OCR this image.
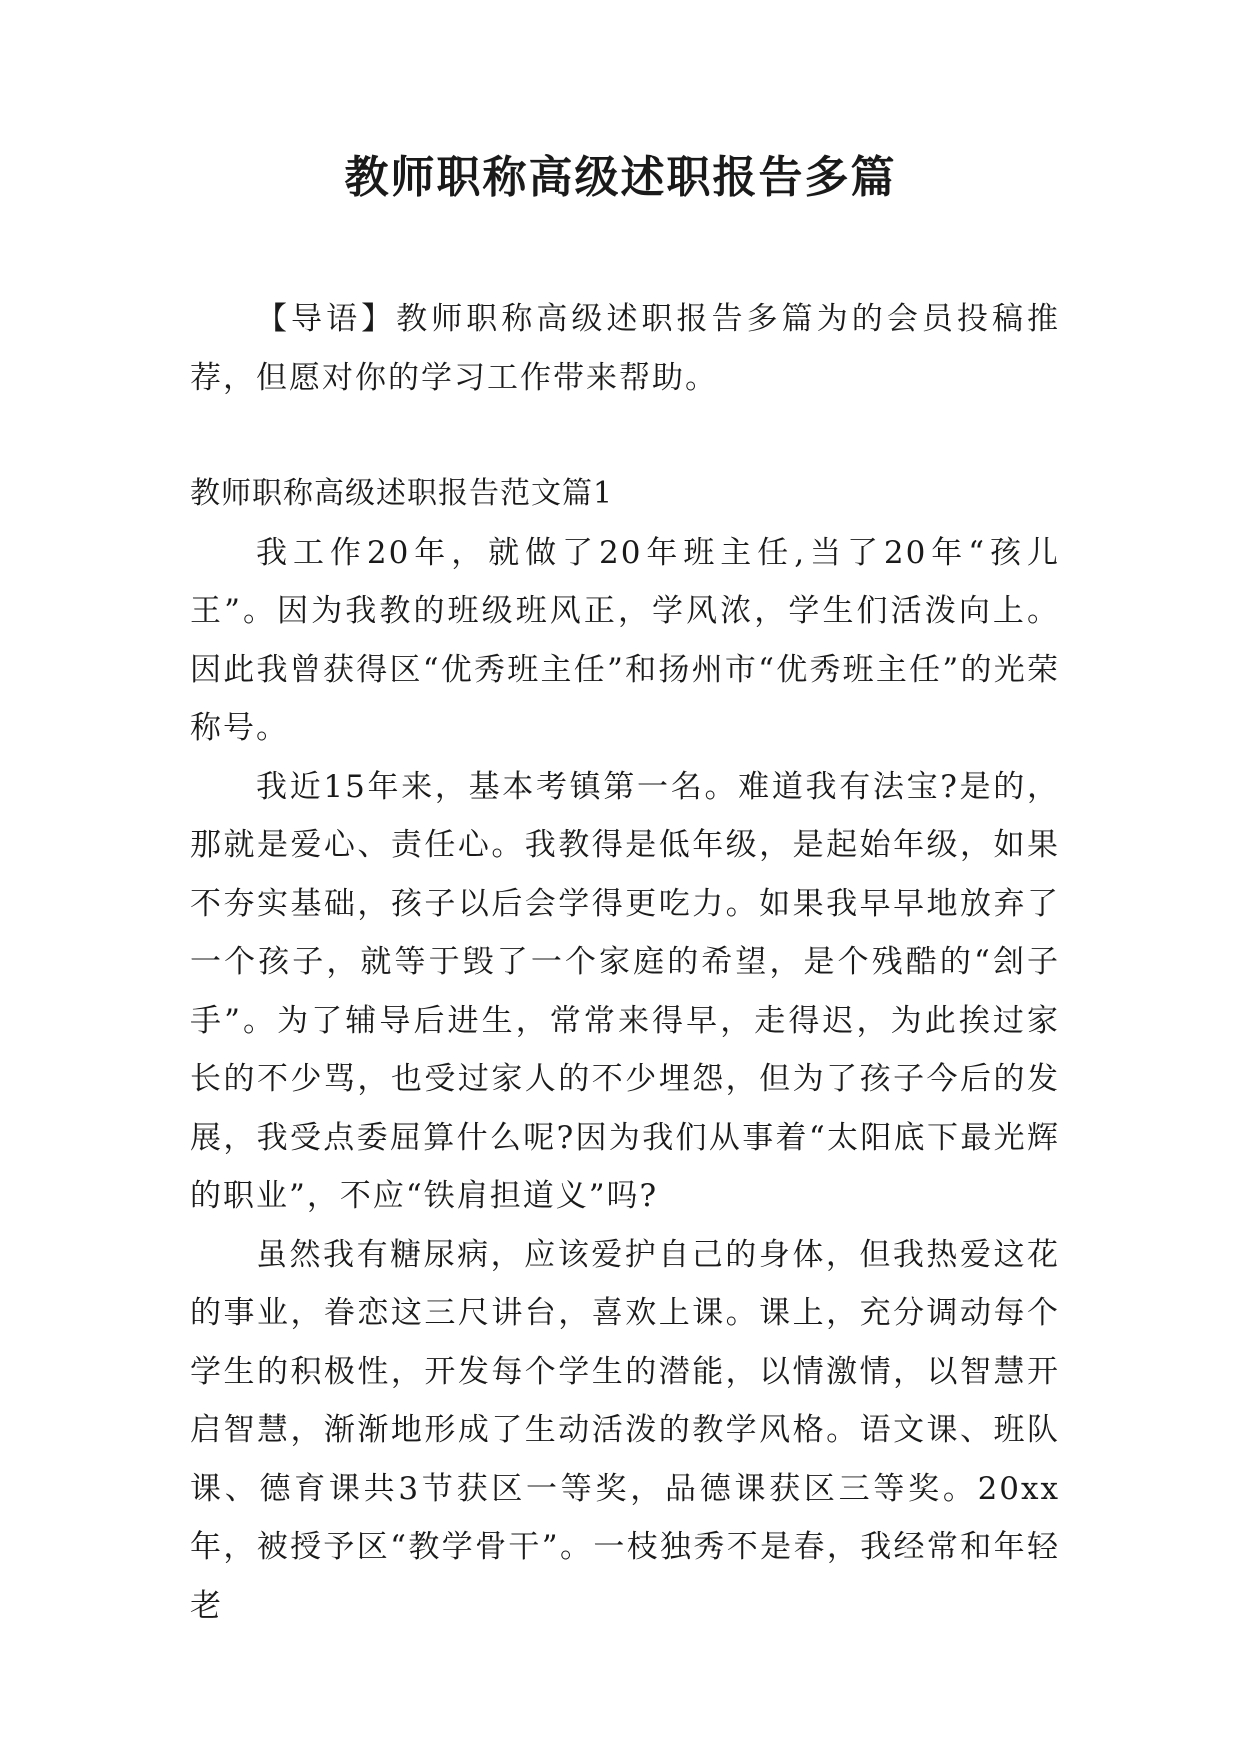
教师职称高级述职报告多篇

【导语】教师职称高级述职报告多篇为的会员投稿推荐，但愿对你的学习工作带来帮助。

教师职称高级述职报告范文篇1

我工作20年，就做了20年班主任,当了20年“孩儿王”。因为我教的班级班风正，学风浓，学生们活泼向上。因此我曾获得区“优秀班主任”和扬州市“优秀班主任”的光荣称号。

我近15年来，基本考镇第一名。难道我有法宝?是的，那就是爱心、责任心。我教得是低年级，是起始年级，如果不夯实基础，孩子以后会学得更吃力。如果我早早地放弃了一个孩子，就等于毁了一个家庭的希望，是个残酷的“刽子手”。为了辅导后进生，常常来得早，走得迟，为此挨过家长的不少骂，也受过家人的不少埋怨，但为了孩子今后的发展，我受点委屈算什么呢?因为我们从事着“太阳底下最光辉的职业”，不应“铁肩担道义”吗?

虽然我有糖尿病，应该爱护自己的身体，但我热爱这花的事业，眷恋这三尺讲台，喜欢上课。课上，充分调动每个学生的积极性，开发每个学生的潜能，以情激情，以智慧开启智慧，渐渐地形成了生动活泼的教学风格。语文课、班队课、德育课共3节获区一等奖，品德课获区三等奖。20xx年，被授予区“教学骨干”。一枝独秀不是春，我经常和年轻老
